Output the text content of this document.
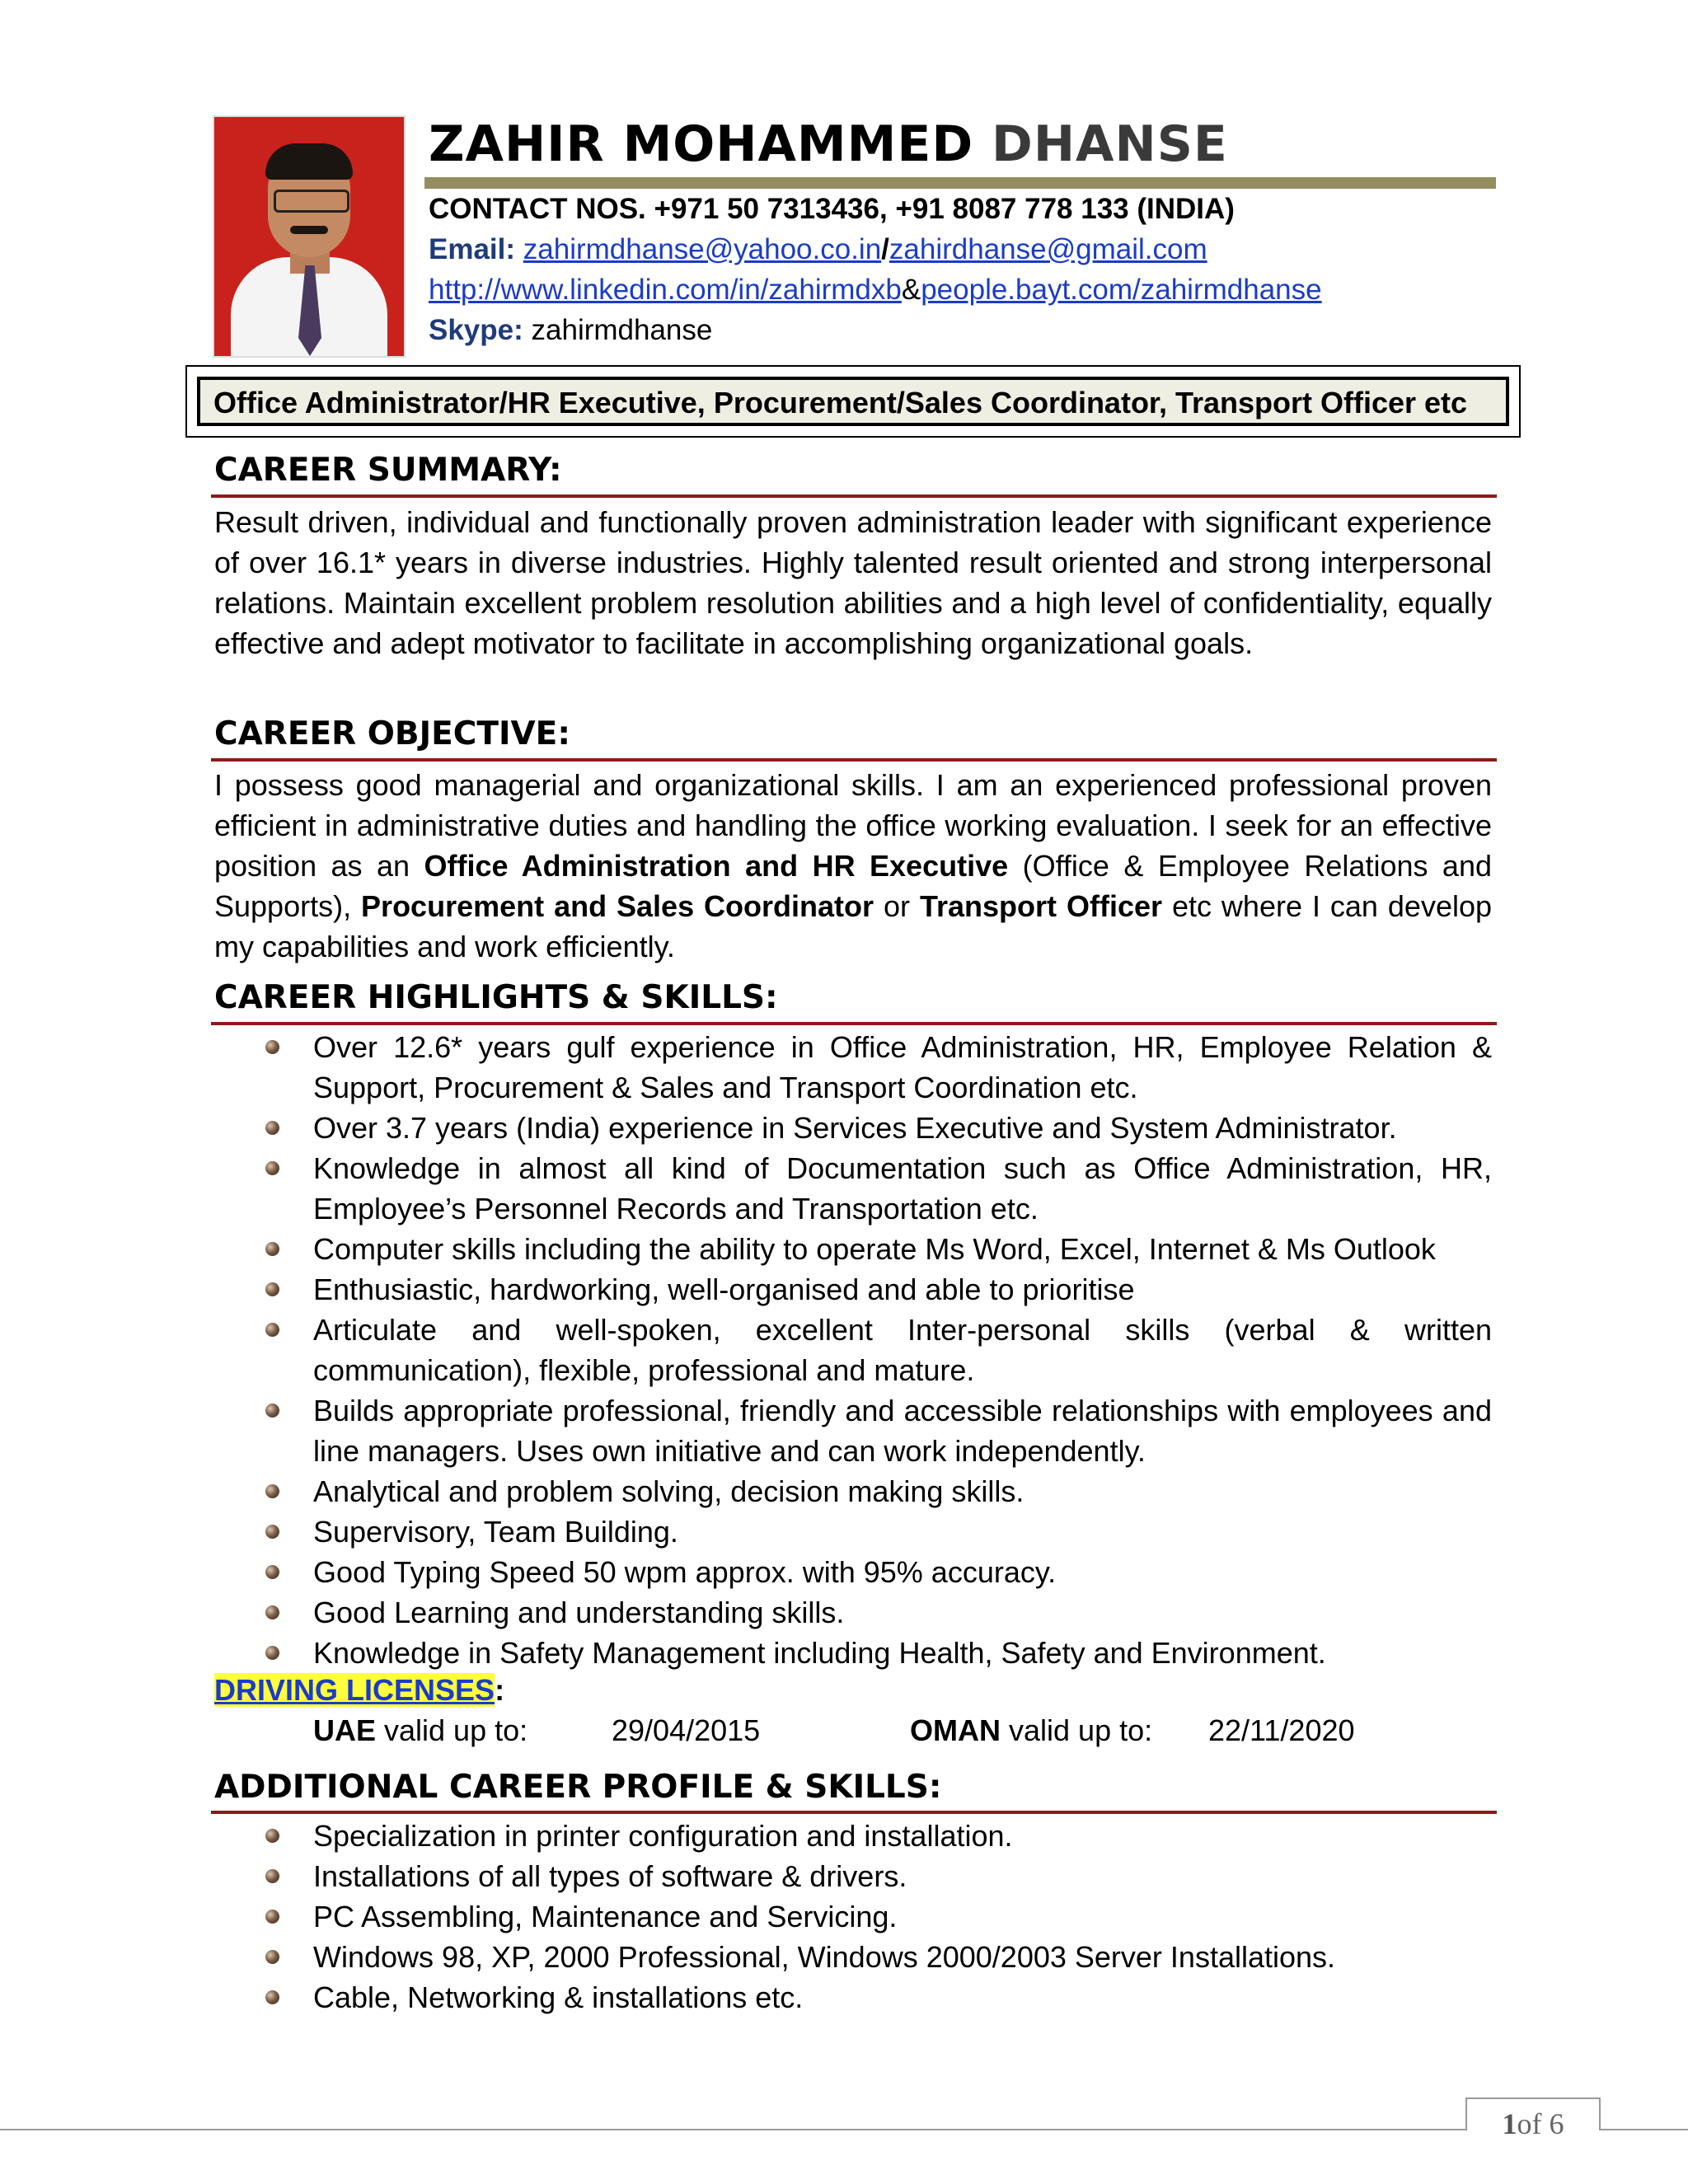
ZAHIR MOHAMMED DHANSE
CONTACT NOS. +971 50 7313436, +91 8087 778 133 (INDIA)
Email: zahirmdhanse@yahoo.co.in/zahirdhanse@gmail.com
http://www.linkedin.com/in/zahirmdxb&people.bayt.com/zahirmdhanse
Skype: zahirmdhanse
Office Administrator/HR Executive, Procurement/Sales Coordinator, Transport Officer etc
CAREER SUMMARY:

Result driven, individual and functionally proven administration leader with significant experience of over 16.1* years in diverse industries. Highly talented result oriented and strong interpersonal relations. Maintain excellent problem resolution abilities and a high level of confidentiality, equally effective and adept motivator to facilitate in accomplishing organizational goals.

CAREER OBJECTIVE:

I possess good managerial and organizational skills. I am an experienced professional proven efficient in administrative duties and handling the office working evaluation. I seek for an effective position as an Office Administration and HR Executive (Office & Employee Relations and Supports), Procurement and Sales Coordinator or Transport Officer etc where I can develop my capabilities and work efficiently.

CAREER HIGHLIGHTS & SKILLS:
Over 12.6* years gulf experience in Office Administration, HR, Employee Relation & Support, Procurement & Sales and Transport Coordination etc.
Over 3.7 years (India) experience in Services Executive and System Administrator.
Knowledge in almost all kind of Documentation such as Office Administration, HR, Employee’s Personnel Records and Transportation etc.
Computer skills including the ability to operate Ms Word, Excel, Internet & Ms Outlook
Enthusiastic, hardworking, well-organised and able to prioritise
Articulate and well-spoken, excellent Inter-personal skills (verbal & written communication), flexible, professional and mature.
Builds appropriate professional, friendly and accessible relationships with employees and line managers. Uses own initiative and can work independently.
Analytical and problem solving, decision making skills.
Supervisory, Team Building.
Good Typing Speed 50 wpm approx. with 95% accuracy.
Good Learning and understanding skills.
Knowledge in Safety Management including Health, Safety and Environment.
DRIVING LICENSES:
UAE valid up to:	29/04/2015	OMAN valid up to: 22/11/2020
ADDITIONAL CAREER PROFILE & SKILLS:
Specialization in printer configuration and installation.
Installations of all types of software & drivers.
PC Assembling, Maintenance and Servicing.
Windows 98, XP, 2000 Professional, Windows 2000/2003 Server Installations.
Cable, Networking & installations etc.
1of 6
